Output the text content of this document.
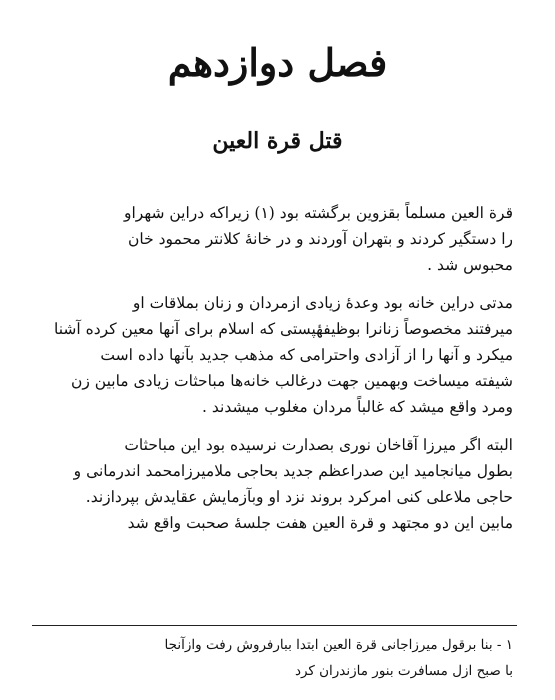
فصل دوازدهم
قتل قرة العين
قرة العين مسلماً بقزوین برگشته بود (۱) زیراکه دراین شهراو
را دستگیر کردند و بتهران آوردند و در خانهٔ کلانتر محمود خان
محبوس شد .
مدتی دراین خانه بود وعدهٔ زیادی ازمردان و زنان بملاقات او
میرفتند مخصوصاً زنانرا بوظیفهٔپستی که اسلام برای آنها معین کرده آشنا
میکرد و آنها را از آزادی واحترامی که مذهب جدید بآنها داده است
شیفته میساخت وبهمین جهت درغالب خانه‌ها مباحثات زیادی مابین زن
ومرد واقع میشد که غالباً مردان مغلوب میشدند .
البته اگر میرزا آقاخان نوری بصدارت نرسیده بود این مباحثات
بطول میانجامید این صدراعظم جدید بحاجی ملامیرزامحمد اندرمانی و
حاجی ملاعلی کنی امرکرد بروند نزد او وبآزمایش عقایدش بپردازند.
مابین این دو مجتهد و قرة العین هفت جلسهٔ صحبت واقع شد
۱ - بنا برقول میرزاجانی قرة العین ابتدا ببارفروش رفت وازآنجا
با صبح ازل مسافرت بنور مازندران کرد
